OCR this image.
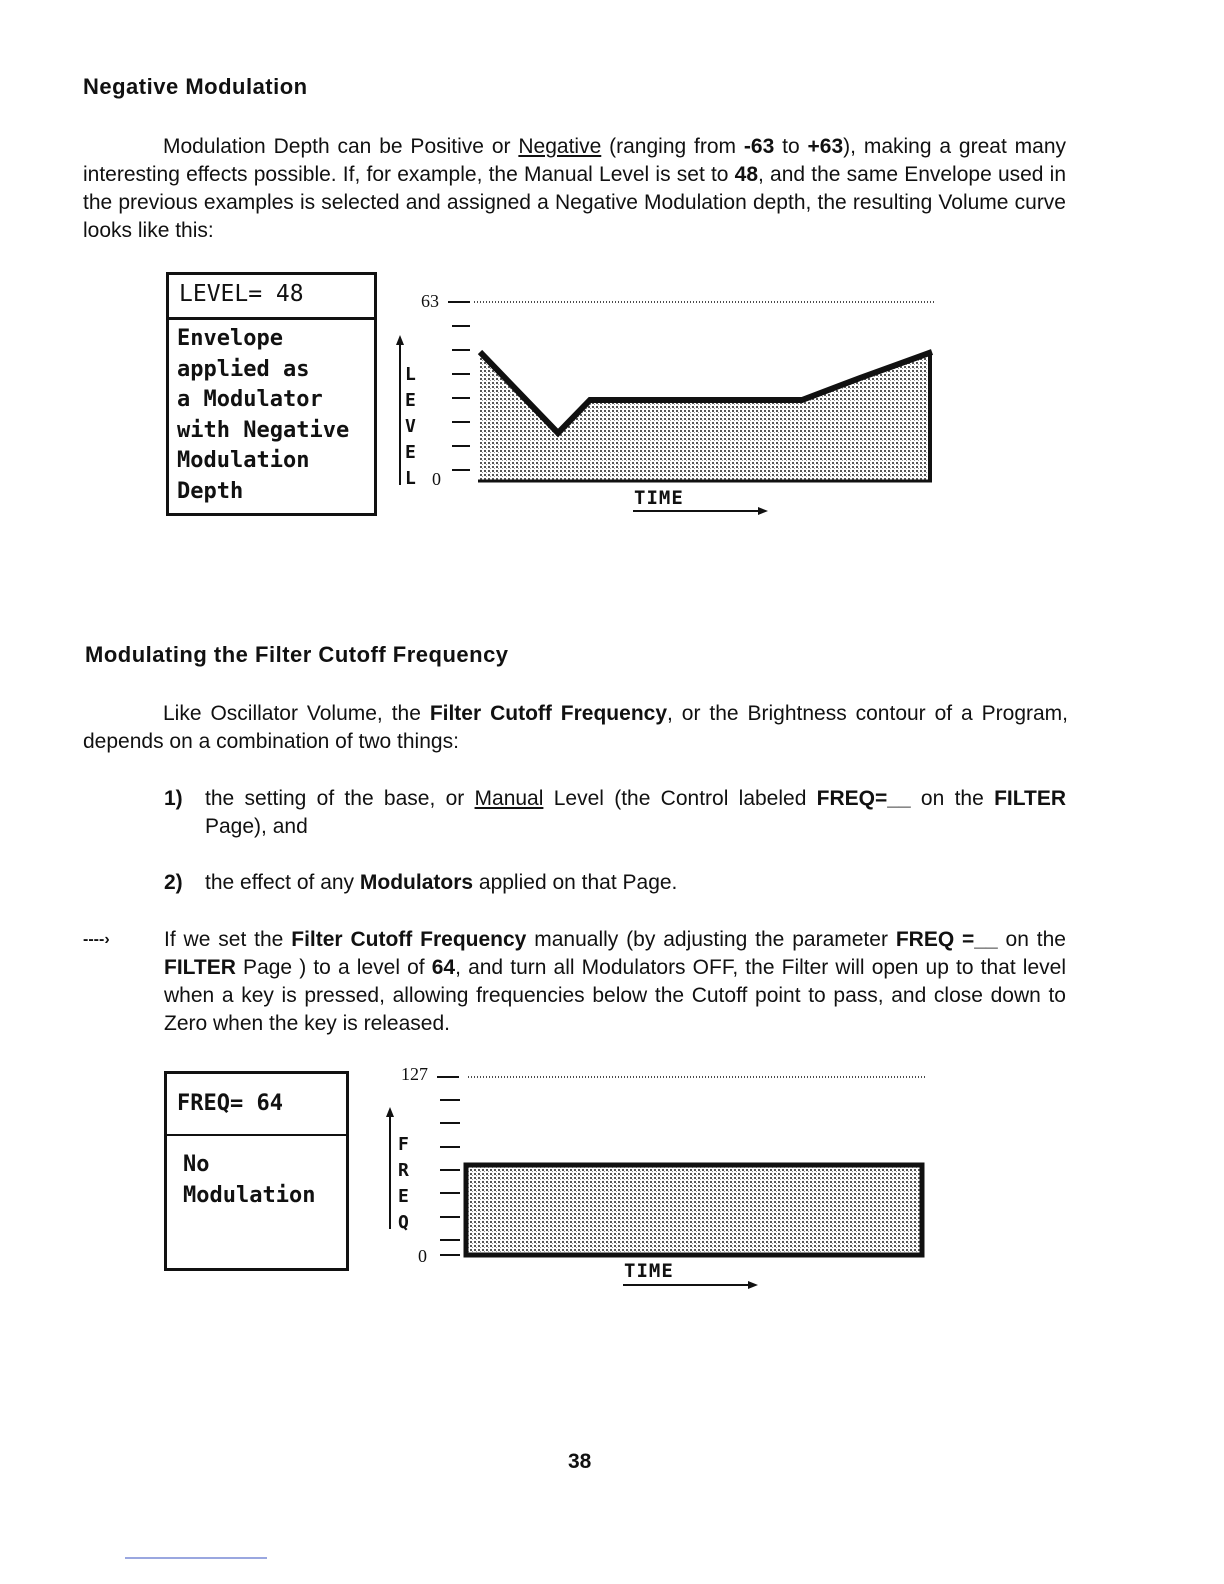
Negative Modulation
Modulation Depth can be Positive or Negative (ranging from -63 to +63), making a great many interesting effects possible. If, for example, the Manual Level is set to 48, and the same Envelope used in the previous examples is selected and assigned a Negative Modulation depth, the resulting Volume curve looks like this:
LEVEL= 48
Envelope
applied as
a Modulator
with Negative
Modulation
Depth
L
E
V
E
L
63
0
TIME
Modulating the Filter Cutoff Frequency
Like Oscillator Volume, the Filter Cutoff Frequency, or the Brightness contour of a Program, depends on a combination of two things:
1) the setting of the base, or Manual Level (the Control labeled FREQ=__ on the FILTER Page), and
2) the effect of any Modulators applied on that Page.
----›	If we set the Filter Cutoff Frequency manually (by adjusting the parameter FREQ =__ on the FILTER Page ) to a level of 64, and turn all Modulators OFF, the Filter will open up to that level when a key is pressed, allowing frequencies below the Cutoff point to pass, and close down to Zero when the key is released.
FREQ= 64
No
Modulation
F
R
E
Q
127
0
TIME
38
